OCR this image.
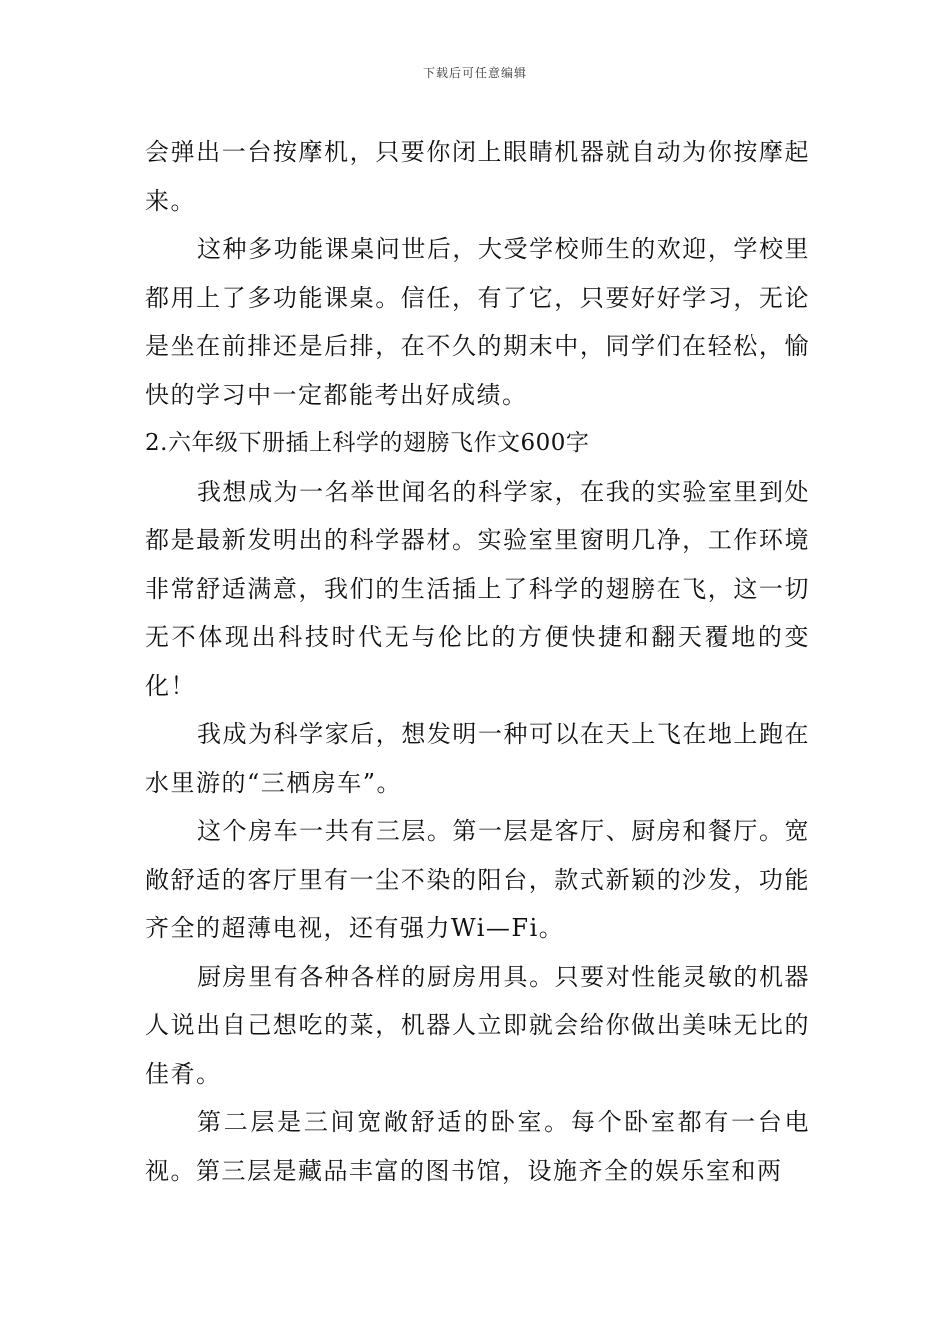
下载后可任意编辑

会弹出一台按摩机，只要你闭上眼睛机器就自动为你按摩起来。

这种多功能课桌问世后，大受学校师生的欢迎，学校里都用上了多功能课桌。信任，有了它，只要好好学习，无论是坐在前排还是后排，在不久的期末中，同学们在轻松，愉快的学习中一定都能考出好成绩。

2.六年级下册插上科学的翅膀飞作文600字

我想成为一名举世闻名的科学家，在我的实验室里到处都是最新发明出的科学器材。实验室里窗明几净，工作环境非常舒适满意，我们的生活插上了科学的翅膀在飞，这一切无不体现出科技时代无与伦比的方便快捷和翻天覆地的变化！

我成为科学家后，想发明一种可以在天上飞在地上跑在水里游的“三栖房车”。

这个房车一共有三层。第一层是客厅、厨房和餐厅。宽敞舒适的客厅里有一尘不染的阳台，款式新颖的沙发，功能齐全的超薄电视，还有强力Wi—Fi。

厨房里有各种各样的厨房用具。只要对性能灵敏的机器人说出自己想吃的菜，机器人立即就会给你做出美味无比的佳肴。

第二层是三间宽敞舒适的卧室。每个卧室都有一台电视。第三层是藏品丰富的图书馆，设施齐全的娱乐室和两
